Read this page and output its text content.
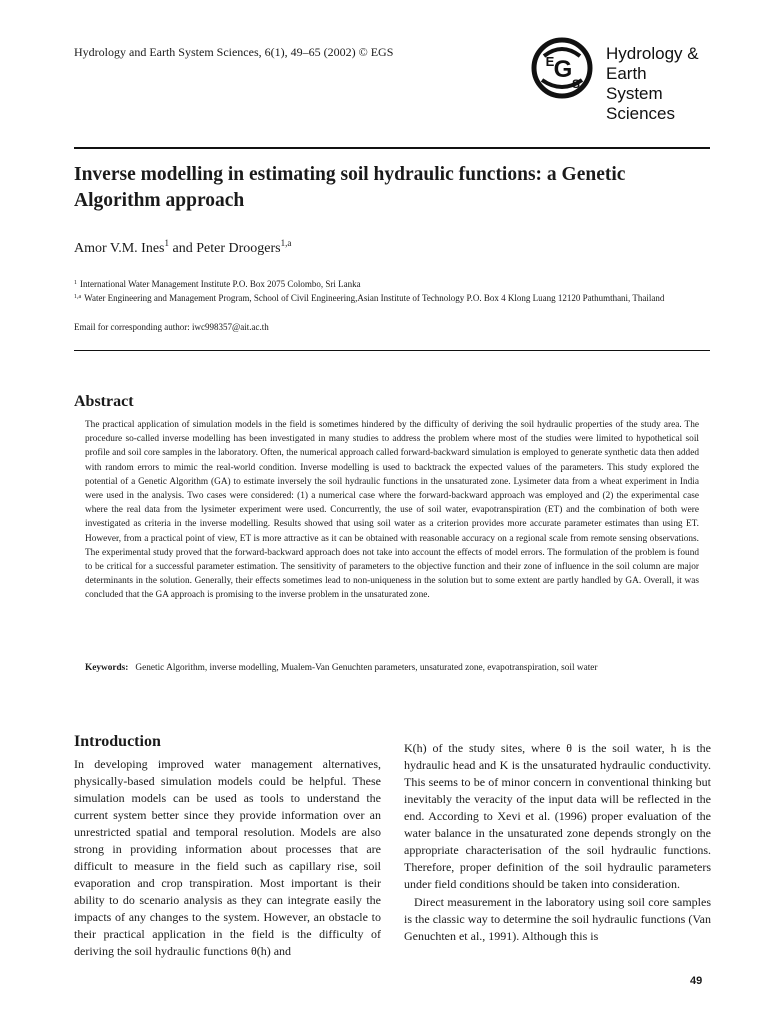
Hydrology and Earth System Sciences, 6(1), 49–65 (2002) © EGS
G
E
S
Hydrology & Earth
System Sciences
Inverse modelling in estimating soil hydraulic functions: a Genetic Algorithm approach
Amor V.M. Ines$^1$ and Peter Droogers$^{1,a}$
$^1$ International Water Management Institute P.O. Box 2075 Colombo, Sri Lanka
$^{1,a}$ Water Engineering and Management Program, School of Civil Engineering,Asian Institute of Technology P.O. Box 4 Klong Luang 12120 Pathumthani, Thailand
Email for corresponding author: iwc998357@ait.ac.th
Abstract
The practical application of simulation models in the field is sometimes hindered by the difficulty of deriving the soil hydraulic properties of the study area. The procedure so-called inverse modelling has been investigated in many studies to address the problem where most of the studies were limited to hypothetical soil profile and soil core samples in the laboratory. Often, the numerical approach called forward-backward simulation is employed to generate synthetic data then added with random errors to mimic the real-world condition. Inverse modelling is used to backtrack the expected values of the parameters. This study explored the potential of a Genetic Algorithm (GA) to estimate inversely the soil hydraulic functions in the unsaturated zone. Lysimeter data from a wheat experiment in India were used in the analysis. Two cases were considered: (1) a numerical case where the forward-backward approach was employed and (2) the experimental case where the real data from the lysimeter experiment were used. Concurrently, the use of soil water, evapotranspiration (ET) and the combination of both were investigated as criteria in the inverse modelling. Results showed that using soil water as a criterion provides more accurate parameter estimates than using ET. However, from a practical point of view, ET is more attractive as it can be obtained with reasonable accuracy on a regional scale from remote sensing observations. The experimental study proved that the forward-backward approach does not take into account the effects of model errors. The formulation of the problem is found to be critical for a successful parameter estimation. The sensitivity of parameters to the objective function and their zone of influence in the soil column are major determinants in the solution. Generally, their effects sometimes lead to non-uniqueness in the solution but to some extent are partly handled by GA. Overall, it was concluded that the GA approach is promising to the inverse problem in the unsaturated zone.
Keywords: Genetic Algorithm, inverse modelling, Mualem-Van Genuchten parameters, unsaturated zone, evapotranspiration, soil water
Introduction

In developing improved water management alternatives, physically-based simulation models could be helpful. These simulation models can be used as tools to understand the current system better since they provide information over an unrestricted spatial and temporal resolution. Models are also strong in providing information about processes that are difficult to measure in the field such as capillary rise, soil evaporation and crop transpiration. Most important is their ability to do scenario analysis as they can integrate easily the impacts of any changes to the system. However, an obstacle to their practical application in the field is the difficulty of deriving the soil hydraulic functions θ(h) and

K(h) of the study sites, where θ is the soil water, h is the hydraulic head and K is the unsaturated hydraulic conductivity. This seems to be of minor concern in conventional thinking but inevitably the veracity of the input data will be reflected in the end. According to Xevi et al. (1996) proper evaluation of the water balance in the unsaturated zone depends strongly on the appropriate characterisation of the soil hydraulic functions. Therefore, proper definition of the soil hydraulic parameters under field conditions should be taken into consideration.

Direct measurement in the laboratory using soil core samples is the classic way to determine the soil hydraulic functions (Van Genuchten et al., 1991). Although this is

49
